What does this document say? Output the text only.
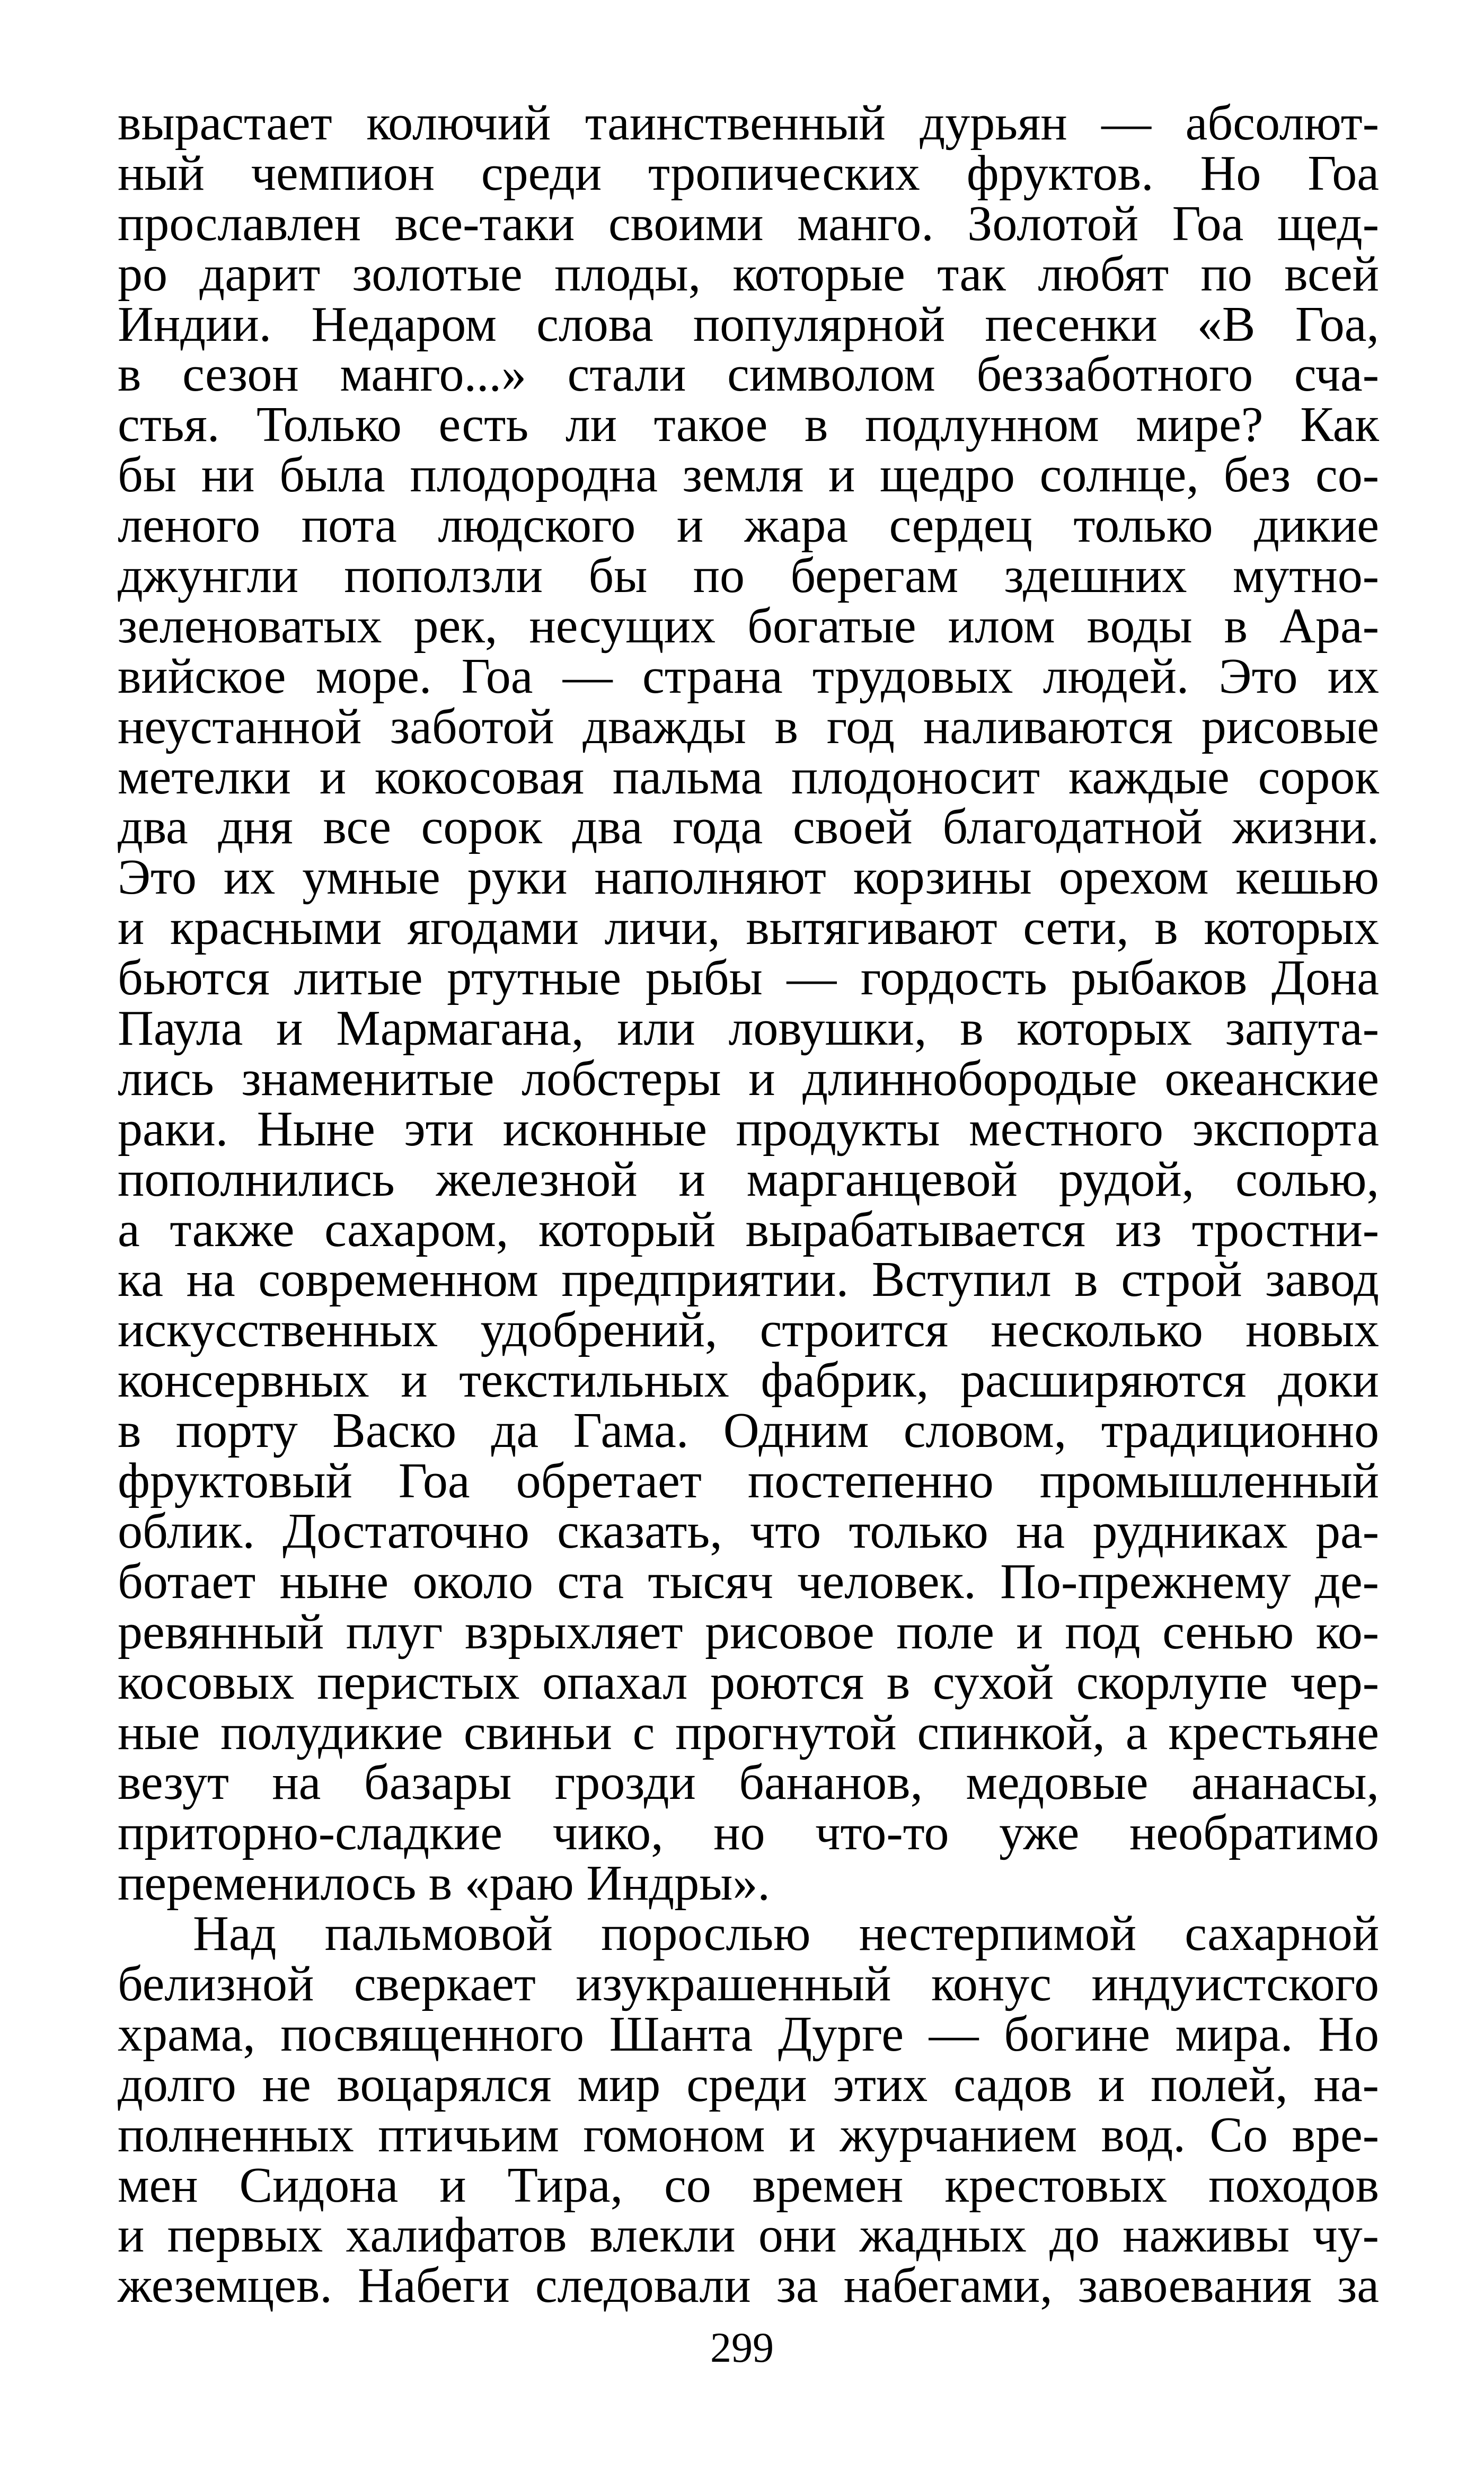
вырастает колючий таинственный дурьян — абсолют-
ный чемпион среди тропических фруктов. Но Гоа
прославлен все-таки своими манго. Золотой Гоа щед-
ро дарит золотые плоды, которые так любят по всей
Индии. Недаром слова популярной песенки «В Гоа,
в сезон манго...» стали символом беззаботного сча-
стья. Только есть ли такое в подлунном мире? Как
бы ни была плодородна земля и щедро солнце, без со-
леного пота людского и жара сердец только дикие
джунгли поползли бы по берегам здешних мутно-
зеленоватых рек, несущих богатые илом воды в Ара-
вийское море. Гоа — страна трудовых людей. Это их
неустанной заботой дважды в год наливаются рисовые
метелки и кокосовая пальма плодоносит каждые сорок
два дня все сорок два года своей благодатной жизни.
Это их умные руки наполняют корзины орехом кешью
и красными ягодами личи, вытягивают сети, в которых
бьются литые ртутные рыбы — гордость рыбаков Дона
Паула и Мармагана, или ловушки, в которых запута-
лись знаменитые лобстеры и длиннобородые океанские
раки. Ныне эти исконные продукты местного экспорта
пополнились железной и марганцевой рудой, солью,
а также сахаром, который вырабатывается из тростни-
ка на современном предприятии. Вступил в строй завод
искусственных удобрений, строится несколько новых
консервных и текстильных фабрик, расширяются доки
в порту Васко да Гама. Одним словом, традиционно
фруктовый Гоа обретает постепенно промышленный
облик. Достаточно сказать, что только на рудниках ра-
ботает ныне около ста тысяч человек. По-прежнему де-
ревянный плуг взрыхляет рисовое поле и под сенью ко-
косовых перистых опахал роются в сухой скорлупе чер-
ные полудикие свиньи с прогнутой спинкой, а крестьяне
везут на базары грозди бананов, медовые ананасы,
приторно-сладкие чико, но что-то уже необратимо
переменилось в «раю Индры».
Над пальмовой порослью нестерпимой сахарной
белизной сверкает изукрашенный конус индуистского
храма, посвященного Шанта Дурге — богине мира. Но
долго не воцарялся мир среди этих садов и полей, на-
полненных птичьим гомоном и журчанием вод. Со вре-
мен Сидона и Тира, со времен крестовых походов
и первых халифатов влекли они жадных до наживы чу-
жеземцев. Набеги следовали за набегами, завоевания за
299
